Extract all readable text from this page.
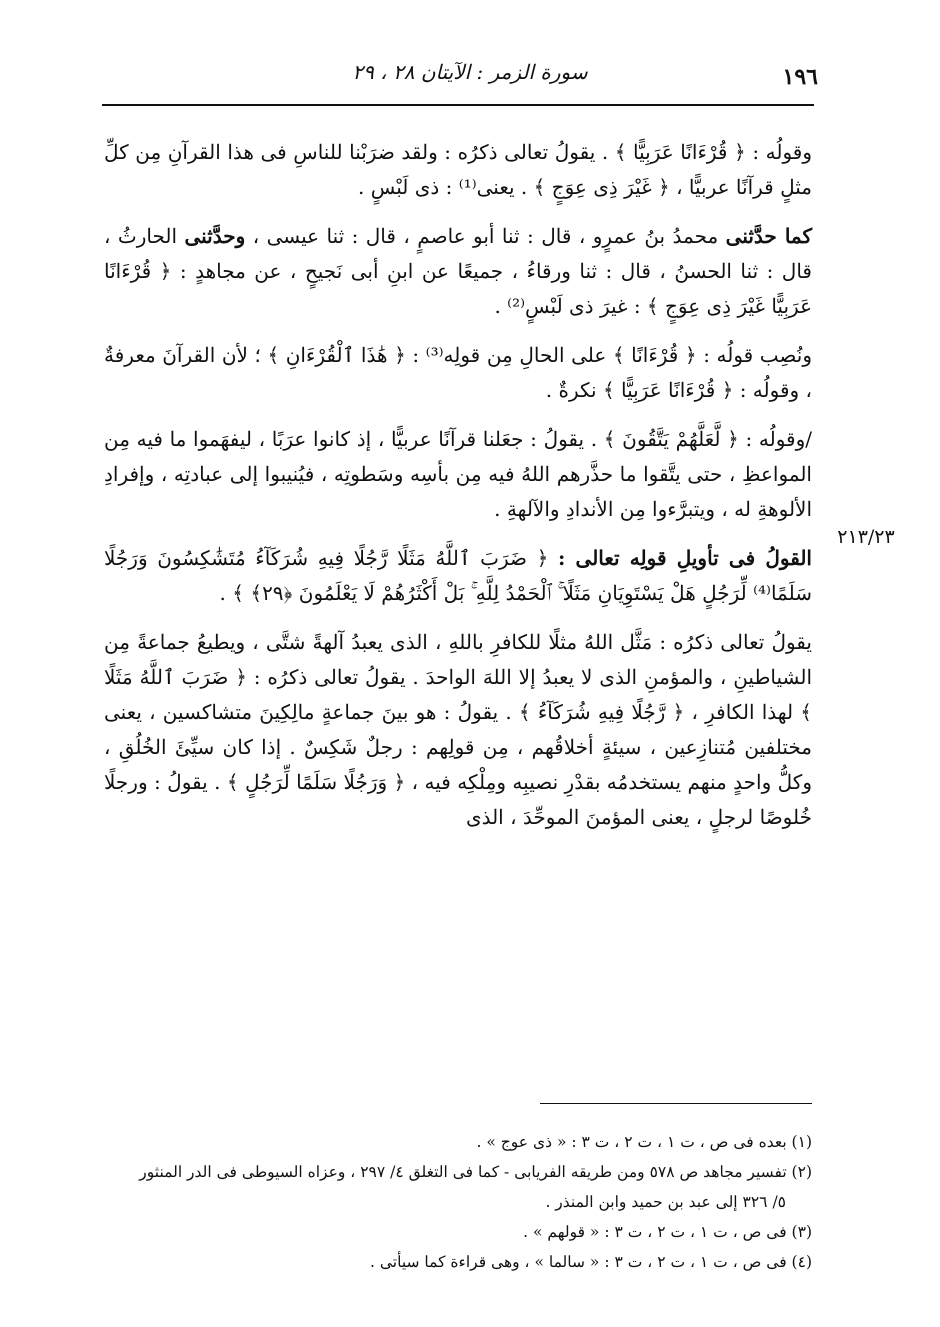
١٩٦
سورة الزمر : الآيتان ٢٨ ، ٢٩
٢١٣/٢٣

وقولُه : ﴿ قُرْءَانًا عَرَبِيًّا ﴾ . يقولُ تعالى ذكرُه : ولقد ضرَبْنا للناسِ فى هذا القرآنِ مِن كلِّ مثلٍ قرآنًا عربيًّا ، ﴿ غَيْرَ ذِى عِوَجٍ ﴾ . يعنى⁽¹⁾ : ذى لَبْسٍ .

كما حدَّثنى محمدُ بنُ عمرٍو ، قال : ثنا أبو عاصمٍ ، قال : ثنا عيسى ، وحدَّثنى الحارثُ ، قال : ثنا الحسنُ ، قال : ثنا ورقاءُ ، جميعًا عن ابنِ أبى نَجيحٍ ، عن مجاهدٍ : ﴿ قُرْءَانًا عَرَبِيًّا غَيْرَ ذِى عِوَجٍ ﴾ : غيرَ ذى لَبْسٍ⁽²⁾ .

ونُصِب قولُه : ﴿ قُرْءَانًا ﴾ على الحالِ مِن قولِه⁽³⁾ : ﴿ هَٰذَا ٱلْقُرْءَانِ ﴾ ؛ لأن القرآنَ معرفةٌ ، وقولُه : ﴿ قُرْءَانًا عَرَبِيًّا ﴾ نكرةٌ .

/وقولُه : ﴿ لَّعَلَّهُمْ يَتَّقُونَ ﴾ . يقولُ : جعَلنا قرآنًا عربيًّا ، إذ كانوا عرَبًا ، ليفهَموا ما فيه مِن المواعظِ ، حتى يتَّقوا ما حذَّرهم اللهُ فيه مِن بأسِه وسَطوتِه ، فيُنيبوا إلى عبادتِه ، وإفرادِ الألوهةِ له ، ويتبرَّءوا مِن الأندادِ والآلهةِ .

القولُ فى تأويلِ قولِه تعالى : ﴿ ضَرَبَ ٱللَّهُ مَثَلًا رَّجُلًا فِيهِ شُرَكَآءُ مُتَشَٰكِسُونَ وَرَجُلًا سَلَمًا⁽⁴⁾ لِّرَجُلٍ هَلْ يَسْتَوِيَانِ مَثَلًا ۚ ٱلْحَمْدُ لِلَّهِ ۚ بَلْ أَكْثَرُهُمْ لَا يَعْلَمُونَ ﴿٢٩﴾ ﴾ .

يقولُ تعالى ذكرُه : مَثَّل اللهُ مثلًا للكافرِ باللهِ ، الذى يعبدُ آلهةً شتَّى ، ويطيعُ جماعةً مِن الشياطينِ ، والمؤمنِ الذى لا يعبدُ إلا اللهَ الواحدَ . يقولُ تعالى ذكرُه : ﴿ ضَرَبَ ٱللَّهُ مَثَلًا ﴾ لهذا الكافرِ ، ﴿ رَّجُلًا فِيهِ شُرَكَآءُ ﴾ . يقولُ : هو بينَ جماعةٍ مالِكِينَ متشاكسين ، يعنى مختلفين مُتنازِعين ، سيئةٍ أخلاقُهم ، مِن قولِهم : رجلٌ شَكِسٌ . إذا كان سيِّئَ الخُلُقِ ، وكلُّ واحدٍ منهم يستخدمُه بقدْرِ نصيبِه ومِلْكِه فيه ، ﴿ وَرَجُلًا سَلَمًا لِّرَجُلٍ ﴾ . يقولُ : ورجلًا خُلوصًا لرجلٍ ، يعنى المؤمنَ الموحِّدَ ، الذى

(١) بعده فى ص ، ت ١ ، ت ٢ ، ت ٣ : « ذى عوج » .

(٢) تفسير مجاهد ص ٥٧٨ ومن طريقه الفريابى - كما فى التغلق ٤/ ٢٩٧ ، وعزاه السيوطى فى الدر المنثور

٥/ ٣٢٦ إلى عبد بن حميد وابن المنذر .

(٣) فى ص ، ت ١ ، ت ٢ ، ت ٣ : « قولهم » .

(٤) فى ص ، ت ١ ، ت ٢ ، ت ٣ : « سالما » ، وهى قراءة كما سيأتى .
